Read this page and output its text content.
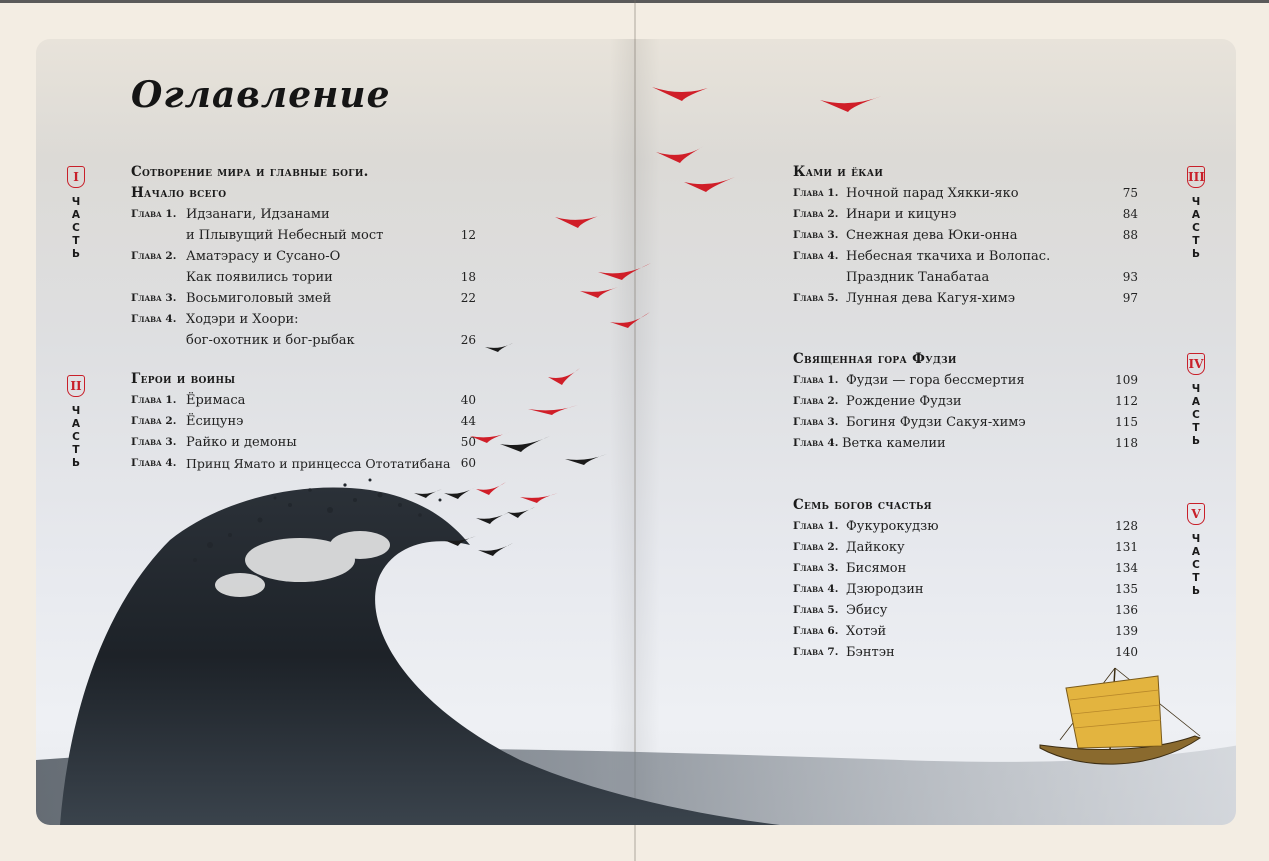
Оглавление
I
Ч
А
С
Т
Ь
II
Ч
А
С
Т
Ь
III
Ч
А
С
Т
Ь
IV
Ч
А
С
Т
Ь
V
Ч
А
С
Т
Ь

Сотворение мира и главные боги.

Начало всего

Глава 1. Идзанаги, Идзанами
и Плывущий Небесный мост	12
Глава 2. Аматэрасу и Сусано-О
Как появились тории	18
Глава 3. Восьмиголовый змей	22
Глава 4. Ходэри и Хоори:
бог-охотник и бог-рыбак	26

Герои и воины

Глава 1. Ёримаса	40
Глава 2. Ёсицунэ	44
Глава 3. Райко и демоны	50
Глава 4. Принц Ямато и принцесса Ототатибана 60

Ками и ёкаи

Глава 1. Ночной парад Хякки-яко	75
Глава 2. Инари и кицунэ	84
Глава 3. Снежная дева Юки-онна	88
Глава 4. Небесная ткачиха и Волопас.
Праздник Танабатаа	93
Глава 5. Лунная дева Кагуя-химэ	97

Священная гора Фудзи

Глава 1. Фудзи — гора бессмертия	109
Глава 2. Рождение Фудзи	112
Глава 3. Богиня Фудзи Сакуя-химэ	115
Глава 4. Ветка камелии	118

Семь богов счастья

Глава 1. Фукурокудзю	128
Глава 2. Дайкоку	131
Глава 3. Бисямон	134
Глава 4. Дзюродзин	135
Глава 5. Эбису	136
Глава 6. Хотэй	139
Глава 7. Бэнтэн	140
